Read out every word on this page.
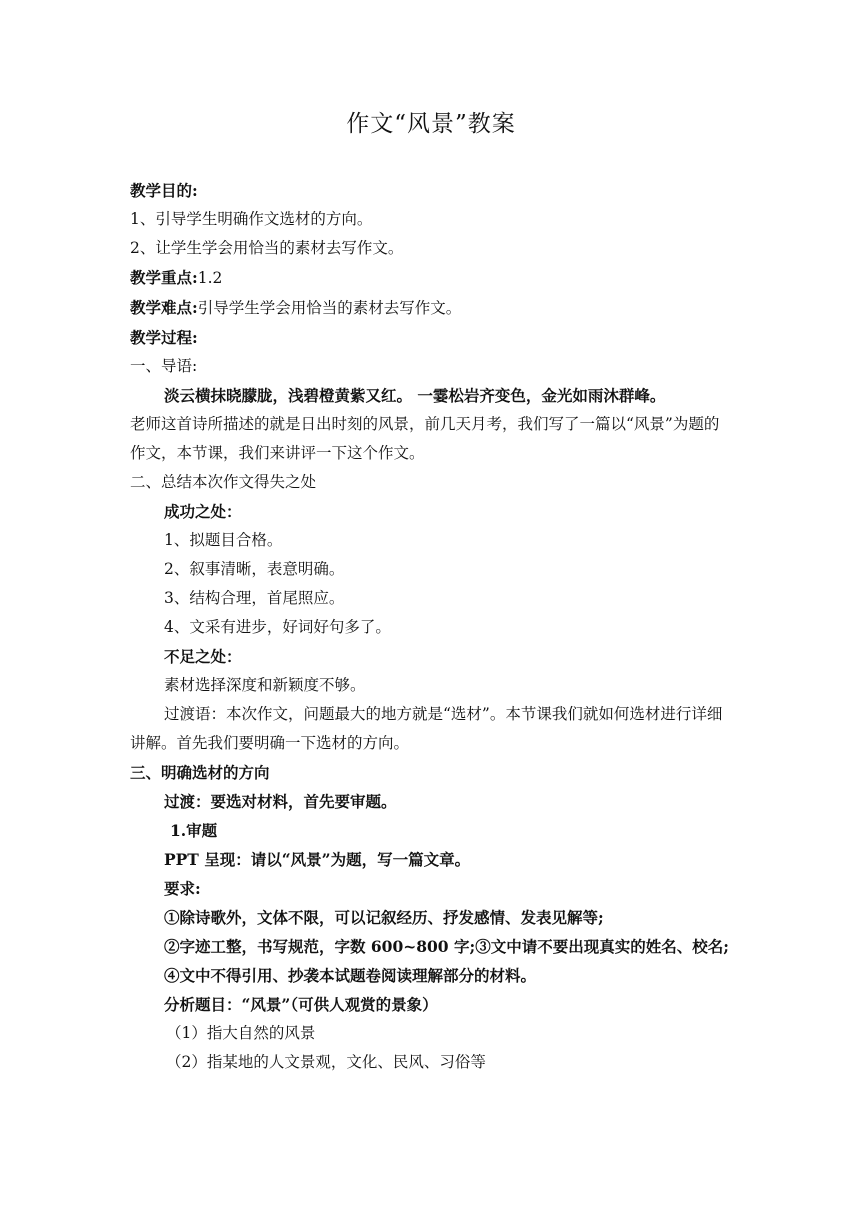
作文“风景”教案

教学目的:

1、引导学生明确作文选材的方向。

2、让学生学会用恰当的素材去写作文。

教学重点:1.2

教学难点:引导学生学会用恰当的素材去写作文。

教学过程:

一、导语:

淡云横抹晓朦胧，浅碧橙黄紫又红。 一霎松岩齐变色，金光如雨沐群峰。

老师这首诗所描述的就是日出时刻的风景，前几天月考，我们写了一篇以“风景”为题的作文，本节课，我们来讲评一下这个作文。

二、总结本次作文得失之处

成功之处：

1、拟题目合格。

2、叙事清晰，表意明确。

3、结构合理，首尾照应。

4、文采有进步，好词好句多了。

不足之处：

素材选择深度和新颖度不够。

过渡语：本次作文，问题最大的地方就是“选材”。本节课我们就如何选材进行详细讲解。首先我们要明确一下选材的方向。

三、明确选材的方向

过渡：要选对材料，首先要审题。

1.审题

PPT 呈现：请以“风景”为题，写一篇文章。

要求:

①除诗歌外，文体不限，可以记叙经历、抒发感情、发表见解等;

②字迹工整，书写规范，字数 600~800 字;③文中请不要出现真实的姓名、校名;

④文中不得引用、抄袭本试题卷阅读理解部分的材料。

分析题目：“风景”（可供人观赏的景象）

（1）指大自然的风景

（2）指某地的人文景观，文化、民风、习俗等
